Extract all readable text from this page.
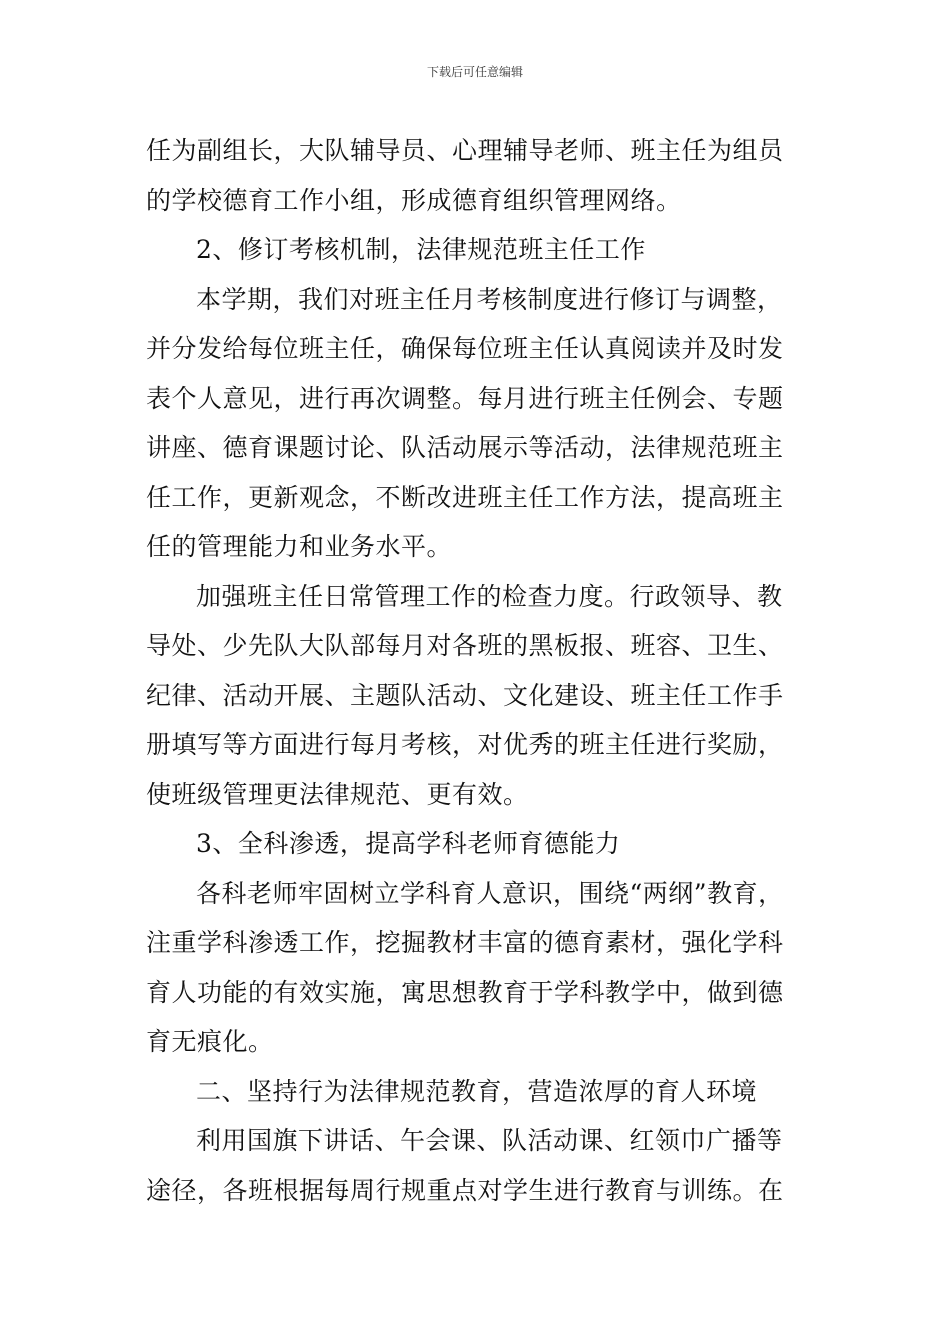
下载后可任意编辑
任为副组长，大队辅导员、心理辅导老师、班主任为组员
的学校德育工作小组，形成德育组织管理网络。
2、修订考核机制，法律规范班主任工作
本学期，我们对班主任月考核制度进行修订与调整，
并分发给每位班主任，确保每位班主任认真阅读并及时发
表个人意见，进行再次调整。每月进行班主任例会、专题
讲座、德育课题讨论、队活动展示等活动，法律规范班主
任工作，更新观念，不断改进班主任工作方法，提高班主
任的管理能力和业务水平。
加强班主任日常管理工作的检查力度。行政领导、教
导处、少先队大队部每月对各班的黑板报、班容、卫生、
纪律、活动开展、主题队活动、文化建设、班主任工作手
册填写等方面进行每月考核，对优秀的班主任进行奖励，
使班级管理更法律规范、更有效。
3、全科渗透，提高学科老师育德能力
各科老师牢固树立学科育人意识，围绕“两纲”教育，
注重学科渗透工作，挖掘教材丰富的德育素材，强化学科
育人功能的有效实施，寓思想教育于学科教学中，做到德
育无痕化。
二、坚持行为法律规范教育，营造浓厚的育人环境
利用国旗下讲话、午会课、队活动课、红领巾广播等
途径，各班根据每周行规重点对学生进行教育与训练。在
